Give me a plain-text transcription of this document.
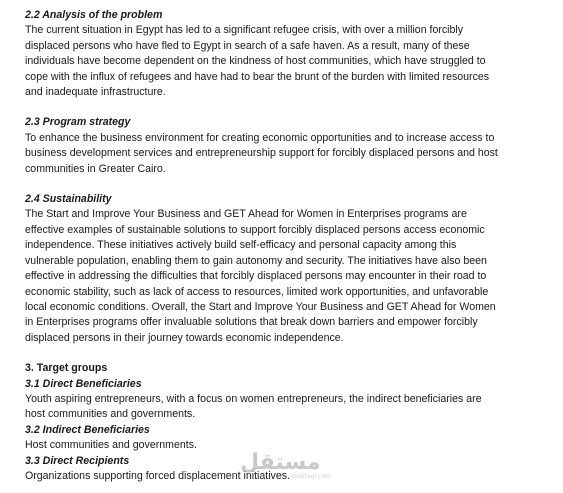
2.2 Analysis of the problem

The current situation in Egypt has led to a significant refugee crisis, with over a million forcibly
displaced persons who have fled to Egypt in search of a safe haven. As a result, many of these
individuals have become dependent on the kindness of host communities, which have struggled to
cope with the influx of refugees and have had to bear the brunt of the burden with limited resources
and inadequate infrastructure.

2.3 Program strategy

To enhance the business environment for creating economic opportunities and to increase access to
business development services and entrepreneurship support for forcibly displaced persons and host
communities in Greater Cairo.

2.4 Sustainability

The Start and Improve Your Business and GET Ahead for Women in Enterprises programs are
effective examples of sustainable solutions to support forcibly displaced persons access economic
independence. These initiatives actively build self-efficacy and personal capacity among this
vulnerable population, enabling them to gain autonomy and security. The initiatives have also been
effective in addressing the difficulties that forcibly displaced persons may encounter in their road to
economic stability, such as lack of access to resources, limited work opportunities, and unfavorable
local economic conditions. Overall, the Start and Improve Your Business and GET Ahead for Women
in Enterprises programs offer invaluable solutions that break down barriers and empower forcibly
displaced persons in their journey towards economic independence.

3. Target groups

3.1 Direct Beneficiaries

Youth aspiring entrepreneurs, with a focus on women entrepreneurs, the indirect beneficiaries are
host communities and governments.

3.2 Indirect Beneficiaries

Host communities and governments.

3.3 Direct Recipients

Organizations supporting forced displacement initiatives.

مستقل
mostaql.com
